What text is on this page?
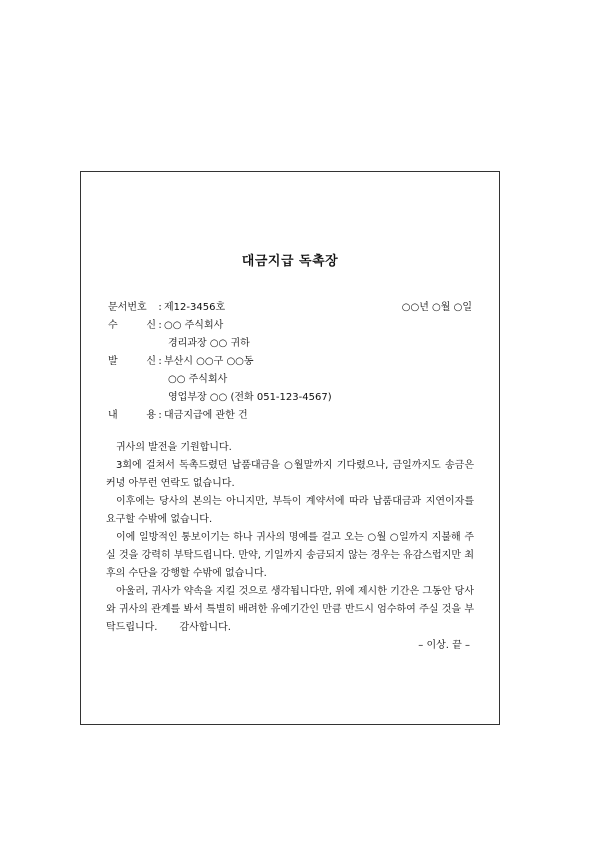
대금지급 독촉장
문서번호 : 제12-3456호	○○년 ○월 ○일
수 신 : ○○ 주식회사
경리과장 ○○ 귀하
발 신 : 부산시 ○○구 ○○동
○○ 주식회사
영업부장 ○○ (전화 051-123-4567)
내 용 : 대금지급에 관한 건

귀사의 발전을 기원합니다.

3회에 걸쳐서 독촉드렸던 납품대금을 ○월말까지 기다렸으나, 금일까지도 송금은커녕 아무런 연락도 없습니다.

이후에는 당사의 본의는 아니지만, 부득이 계약서에 따라 납품대금과 지연이자를 요구할 수밖에 없습니다.

이에 일방적인 통보이기는 하나 귀사의 명예를 걸고 오는 ○월 ○일까지 지불해 주실 것을 강력히 부탁드립니다. 만약, 기일까지 송금되지 않는 경우는 유감스럽지만 최후의 수단을 강행할 수밖에 없습니다.

아울러, 귀사가 약속을 지킬 것으로 생각됩니다만, 위에 제시한 기간은 그동안 당사와 귀사의 관계를 봐서 특별히 배려한 유예기간인 만큼 반드시 엄수하여 주실 것을 부탁드립니다. 감사합니다.

– 이상. 끝 –
